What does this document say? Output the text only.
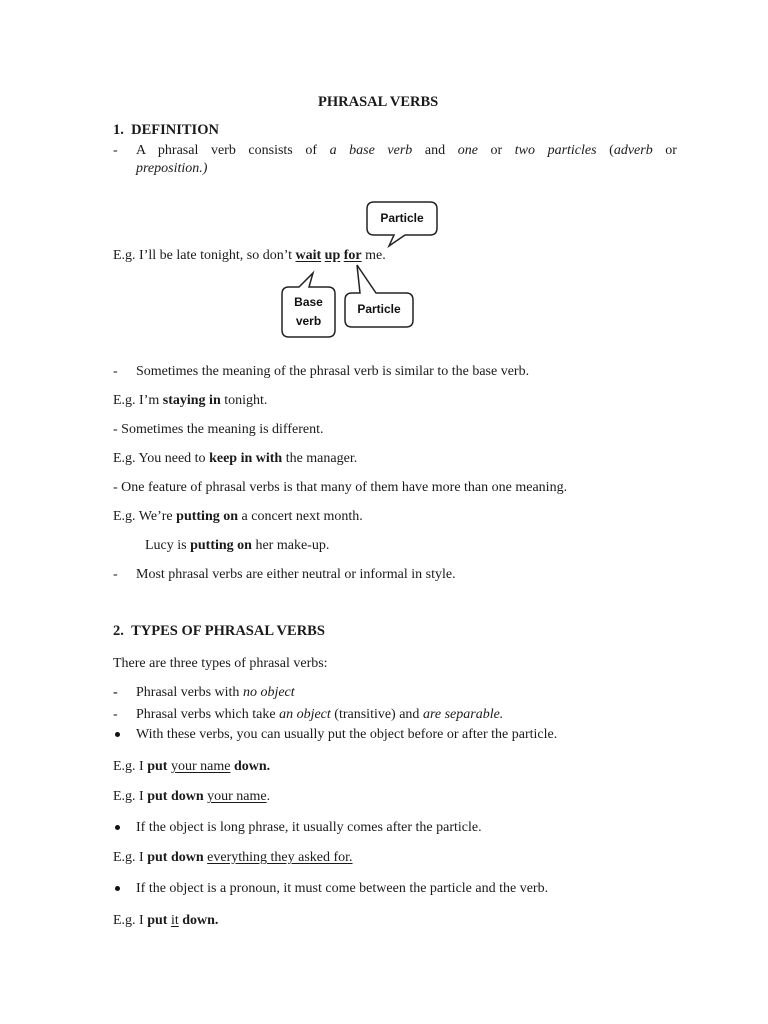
PHRASAL VERBS
1.  DEFINITION
- A phrasal verb consists of a base verb and one or two particles (adverb or
preposition.)
Particle
Base
verb
Particle
E.g. I’ll be late tonight, so don’t wait up for me.
- Sometimes the meaning of the phrasal verb is similar to the base verb.
E.g. I’m staying in tonight.
- Sometimes the meaning is different.
E.g. You need to keep in with the manager.
- One feature of phrasal verbs is that many of them have more than one meaning.
E.g. We’re putting on a concert next month.
Lucy is putting on her make-up.
- Most phrasal verbs are either neutral or informal in style.
2.  TYPES OF PHRASAL VERBS
There are three types of phrasal verbs:
- Phrasal verbs with no object
- Phrasal verbs which take an object (transitive) and are separable.
With these verbs, you can usually put the object before or after the particle.
E.g. I put your name down.
E.g. I put down your name.
If the object is long phrase, it usually comes after the particle.
E.g. I put down everything they asked for.
If the object is a pronoun, it must come between the particle and the verb.
E.g. I put it down.
